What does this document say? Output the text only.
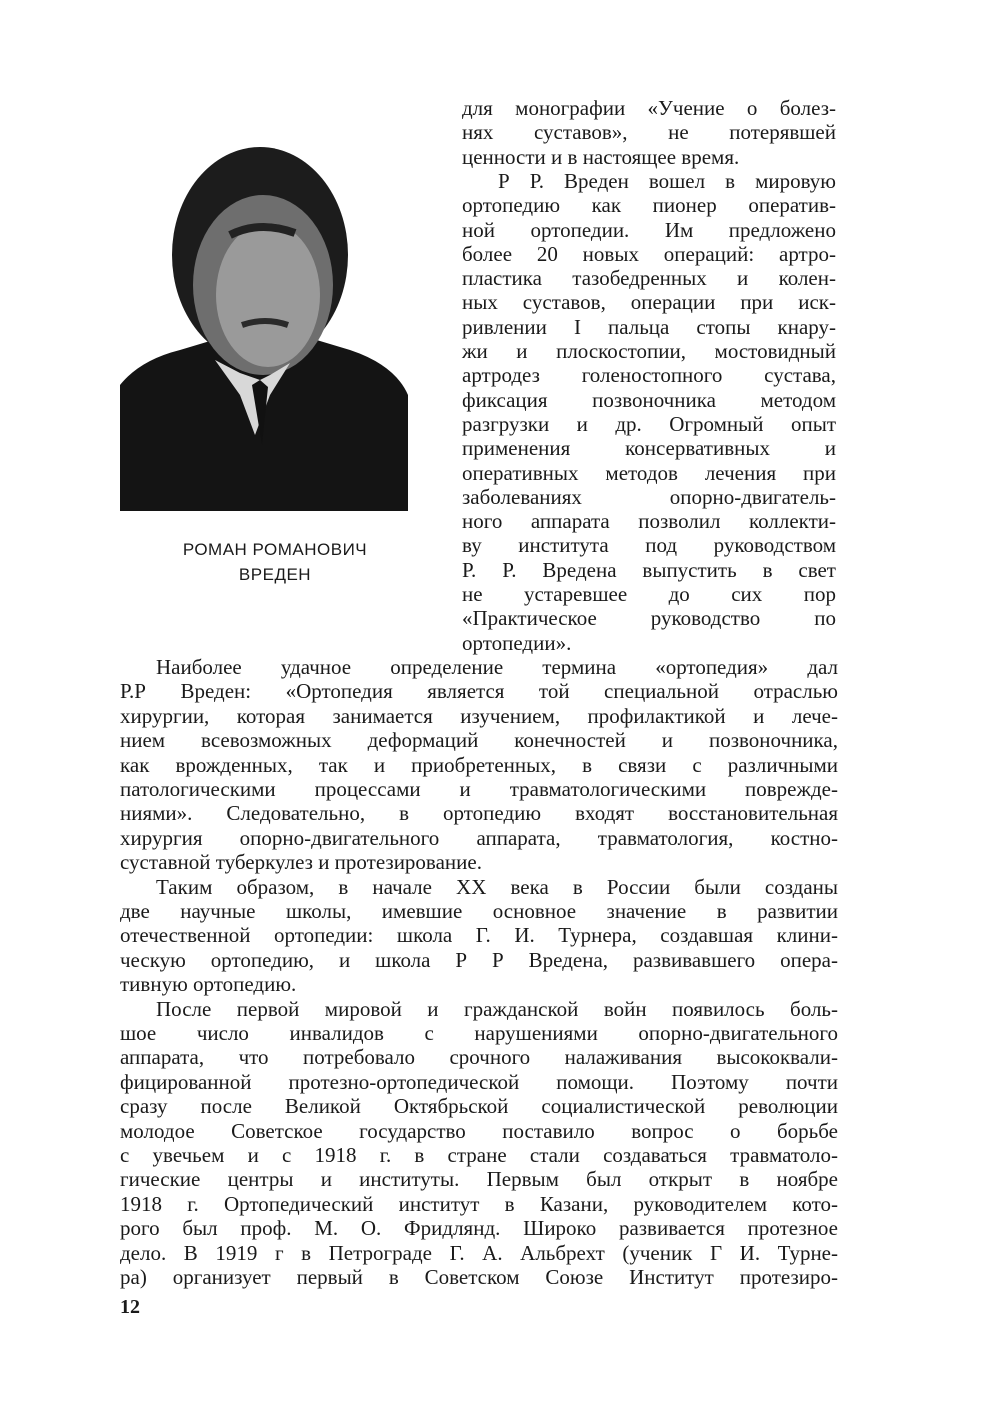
РОМАН РОМАНОВИЧ
ВРЕДЕН
для монографии «Учение о болез-
нях суставов», не потерявшей
ценности и в настоящее время.
Р Р. Вреден вошел в мировую
ортопедию как пионер оператив-
ной ортопедии. Им предложено
более 20 новых операций: артро-
пластика тазобедренных и колен-
ных суставов, операции при иск-
ривлении I пальца стопы кнару-
жи и плоскостопии, мостовидный
артродез голеностопного сустава,
фиксация позвоночника методом
разгрузки и др. Огромный опыт
применения консервативных и
оперативных методов лечения при
заболеваниях опорно-двигатель-
ного аппарата позволил коллекти-
ву института под руководством
Р. Р. Вредена выпустить в свет
не устаревшее до сих пор
«Практическое руководство по
ортопедии».
Наиболее удачное определение термина «ортопедия» дал
Р.Р Вреден: «Ортопедия является той специальной отраслью
хирургии, которая занимается изучением, профилактикой и лече-
нием всевозможных деформаций конечностей и позвоночника,
как врожденных, так и приобретенных, в связи с различными
патологическими процессами и травматологическими поврежде-
ниями». Следовательно, в ортопедию входят восстановительная
хирургия опорно-двигательного аппарата, травматология, костно-
суставной туберкулез и протезирование.
Таким образом, в начале XX века в России были созданы
две научные школы, имевшие основное значение в развитии
отечественной ортопедии: школа Г. И. Турнера, создавшая клини-
ческую ортопедию, и школа Р Р Вредена, развивавшего опера-
тивную ортопедию.
После первой мировой и гражданской войн появилось боль-
шое число инвалидов с нарушениями опорно-двигательного
аппарата, что потребовало срочного налаживания высококвали-
фицированной протезно-ортопедической помощи. Поэтому почти
сразу после Великой Октябрьской социалистической революции
молодое Советское государство поставило вопрос о борьбе
с увечьем и с 1918 г. в стране стали создаваться травматоло-
гические центры и институты. Первым был открыт в ноябре
1918 г. Ортопедический институт в Казани, руководителем кото-
рого был проф. М. О. Фридлянд. Широко развивается протезное
дело. В 1919 г в Петрограде Г. А. Альбрехт (ученик Г И. Турне-
ра) организует первый в Советском Союзе Институт протезиро-
12
